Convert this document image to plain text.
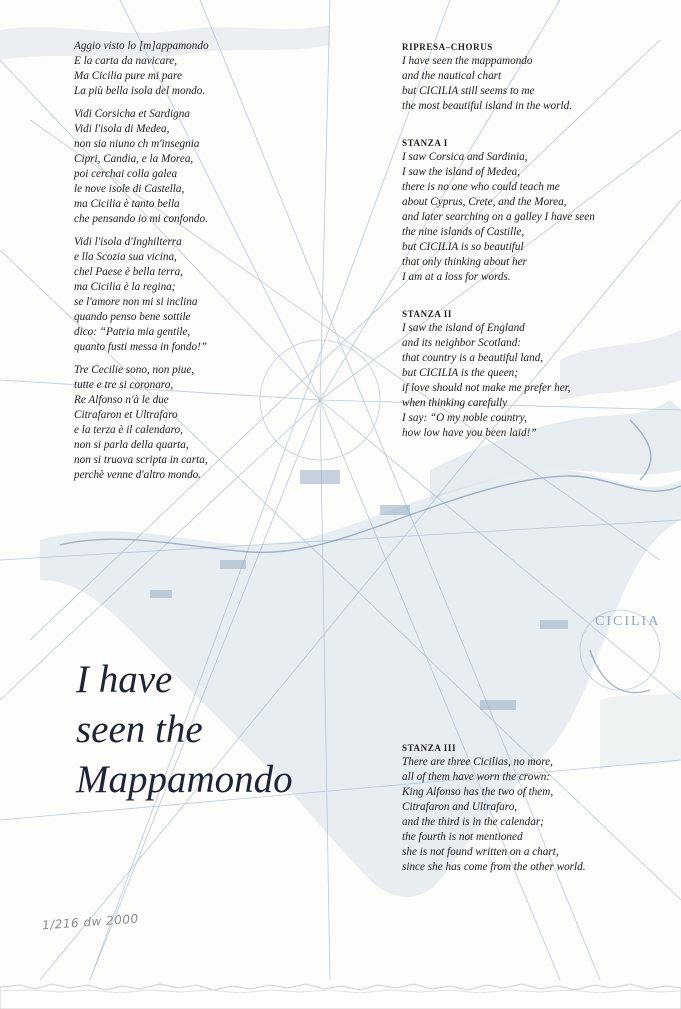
CICILIA
Aggio visto lo [m]appamondo
E la carta da navicare,
Ma Cicilia pure mi pare
La più bella isola del mondo.
Vidi Corsicha et Sardigna
Vidi l'isola di Medea,
non sia niuno ch m'insegnia
Cipri, Candia, e la Morea,
poi cerchai colla galea
le nove isole di Castella,
ma Cicilia è tanto bella
che pensando io mi confondo.
Vidi l'isola d'Inghilterra
e lla Scozia sua vicina,
chel Paese è bella terra,
ma Cicilia è la regina;
se l'amore non mi si inclina
quando penso bene sottile
dico: “Patria mia gentile,
quanto fusti messa in fondo!”
Tre Cecilie sono, non piue,
tutte e tre si coronaro,
Re Alfonso n'à le due
Citrafaron et Ultrafaro
e la terza è il calendaro,
non si parla della quarta,
non si truova scripta in carta,
perchè venne d'altro mondo.
RIPRESA–CHORUS
I have seen the mappamondo
and the nautical chart
but CICILIA still seems to me
the most beautiful island in the world.
STANZA I
I saw Corsica and Sardinia,
I saw the island of Medea,
there is no one who could teach me
about Cyprus, Crete, and the Morea,
and later searching on a galley I have seen
the nine islands of Castille,
but CICILIA is so beautiful
that only thinking about her
I am at a loss for words.
STANZA II
I saw the island of England
and its neighbor Scotland:
that country is a beautiful land,
but CICILIA is the queen;
if love should not make me prefer her,
when thinking carefully
I say: “O my noble country,
how low have you been laid!”
STANZA III
There are three Cicilias, no more,
all of them have worn the crown:
King Alfonso has the two of them,
Citrafaron and Ultrafaro,
and the third is in the calendar;
the fourth is not mentioned
she is not found written on a chart,
since she has come from the other world.
I have
seen the
Mappamondo
1/216 dw 2000
